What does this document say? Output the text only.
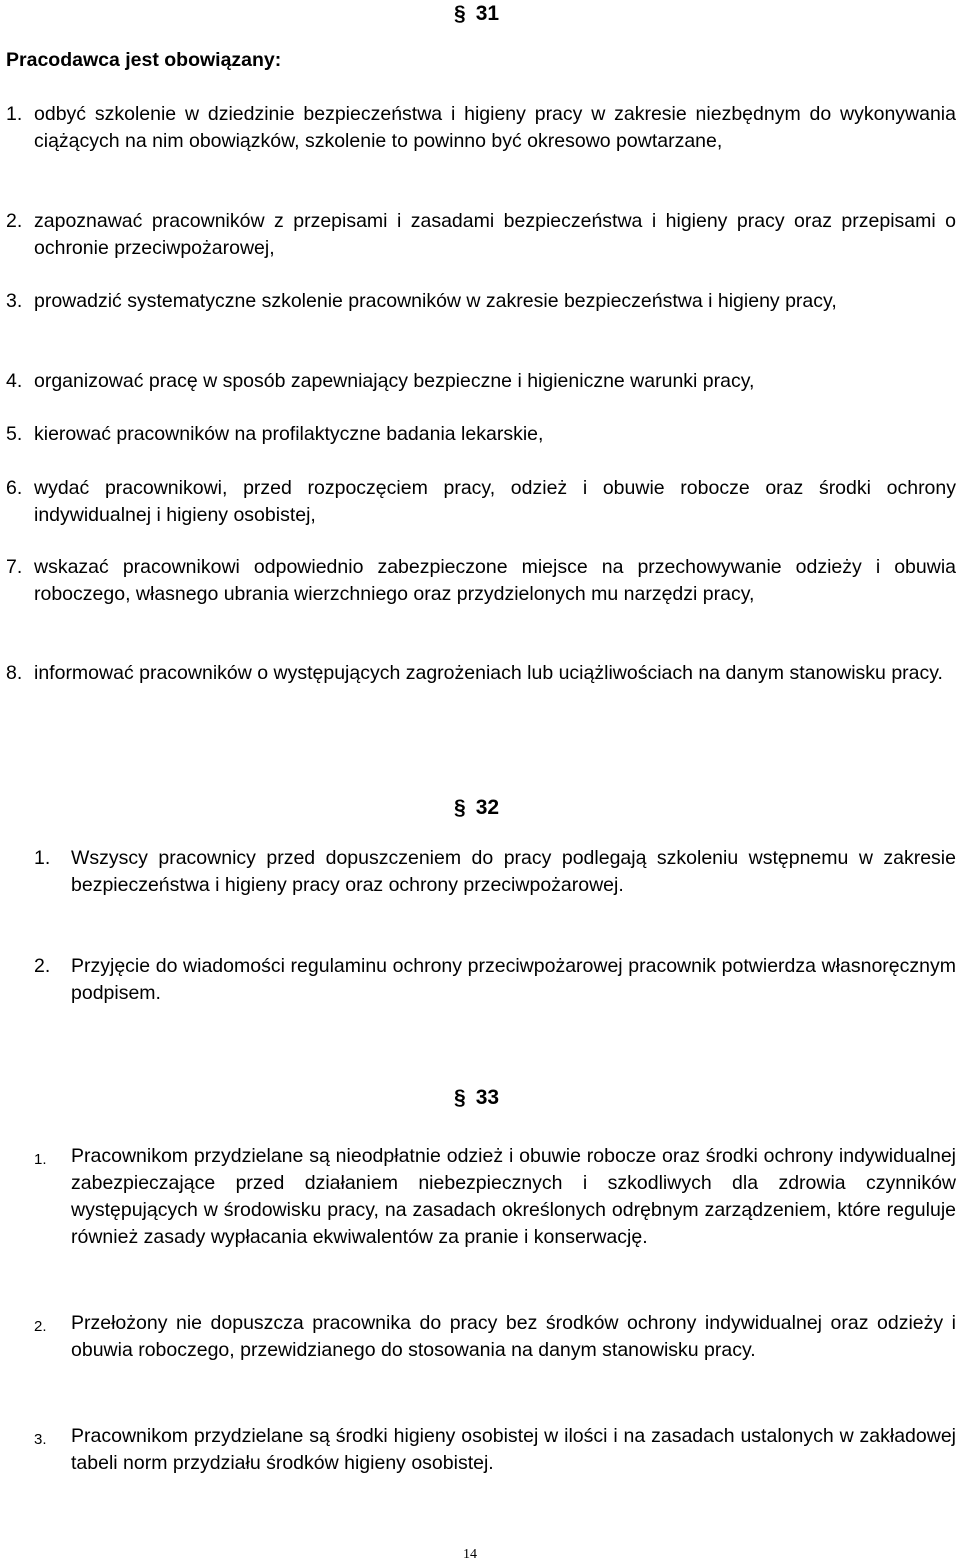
§ 31
Pracodawca jest obowiązany:
1. odbyć szkolenie w dziedzinie bezpieczeństwa i higieny pracy w zakresie niezbędnym do wykonywania ciążących na nim obowiązków, szkolenie to powinno być okresowo powtarzane,
2. zapoznawać pracowników z przepisami i zasadami bezpieczeństwa i higieny pracy oraz przepisami o ochronie przeciwpożarowej,
3. prowadzić systematyczne szkolenie pracowników w zakresie bezpieczeństwa i higieny pracy,
4. organizować pracę w sposób zapewniający bezpieczne i higieniczne warunki pracy,
5. kierować pracowników na profilaktyczne badania lekarskie,
6. wydać pracownikowi, przed rozpoczęciem pracy, odzież i obuwie robocze oraz środki ochrony indywidualnej i higieny osobistej,
7. wskazać pracownikowi odpowiednio zabezpieczone miejsce na przechowywanie odzieży i obuwia roboczego, własnego ubrania wierzchniego oraz przydzielonych mu narzędzi pracy,
8. informować pracowników o występujących zagrożeniach lub uciążliwościach na danym stanowisku pracy.
§ 32
1. Wszyscy pracownicy przed dopuszczeniem do pracy podlegają szkoleniu wstępnemu w zakresie bezpieczeństwa i higieny pracy oraz ochrony przeciwpożarowej.
2. Przyjęcie do wiadomości regulaminu ochrony przeciwpożarowej pracownik potwierdza własnoręcznym podpisem.
§ 33
1. Pracownikom przydzielane są nieodpłatnie odzież i obuwie robocze oraz środki ochrony indywidualnej zabezpieczające przed działaniem niebezpiecznych i szkodliwych dla zdrowia czynników występujących w środowisku pracy, na zasadach określonych odrębnym zarządzeniem, które reguluje również zasady wypłacania ekwiwalentów za pranie i konserwację.
2. Przełożony nie dopuszcza pracownika do pracy bez środków ochrony indywidualnej oraz odzieży i obuwia roboczego, przewidzianego do stosowania na danym stanowisku pracy.
3. Pracownikom przydzielane są środki higieny osobistej w ilości i na zasadach ustalonych w zakładowej tabeli norm przydziału środków higieny osobistej.
14
